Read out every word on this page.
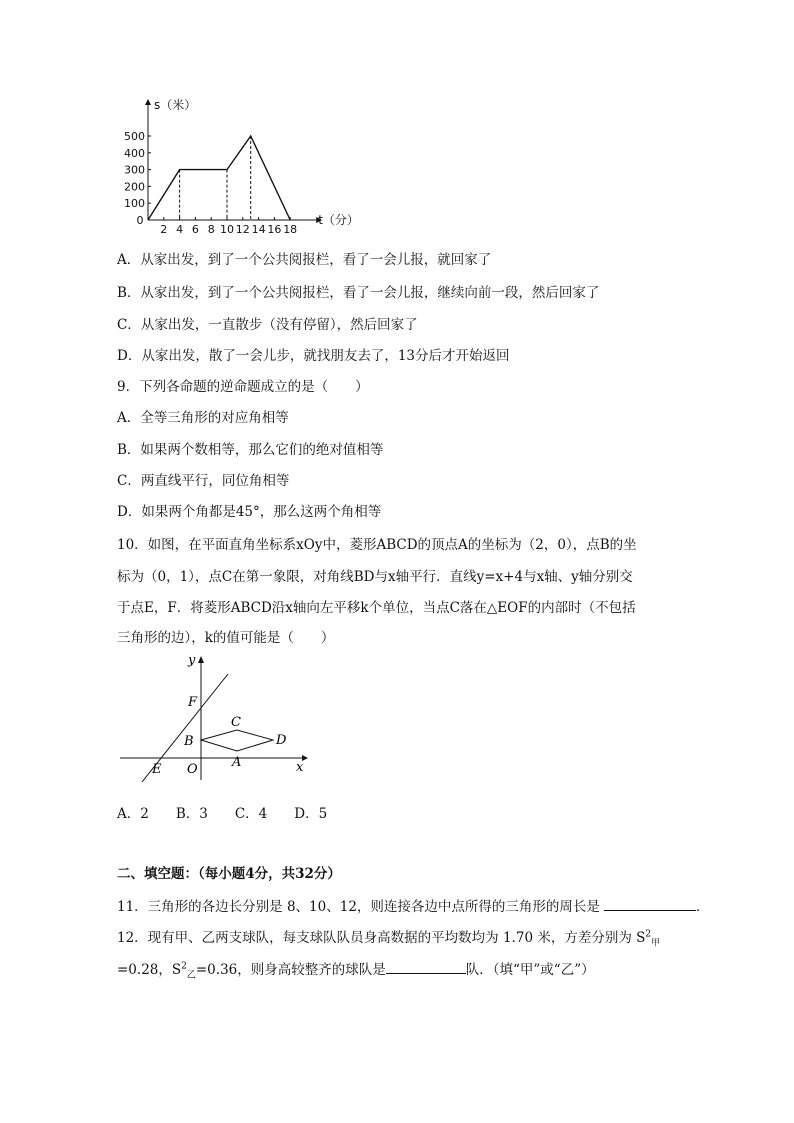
500
400
300
200
100
2 4 6 8 10 12 14 16 18
0
s（米）
t（分）
A．从家出发，到了一个公共阅报栏，看了一会儿报，就回家了
B．从家出发，到了一个公共阅报栏，看了一会儿报，继续向前一段，然后回家了
C．从家出发，一直散步（没有停留），然后回家了
D．从家出发，散了一会儿步，就找朋友去了，13分后才开始返回
9．下列各命题的逆命题成立的是（　　）
A．全等三角形的对应角相等
B．如果两个数相等，那么它们的绝对值相等
C．两直线平行，同位角相等
D．如果两个角都是45°，那么这两个角相等
10．如图，在平面直角坐标系xOy中，菱形ABCD的顶点A的坐标为（2，0），点B的坐
标为（0，1），点C在第一象限，对角线BD与x轴平行．直线y=x+4与x轴、y轴分别交
于点E，F．将菱形ABCD沿x轴向左平移k个单位，当点C落在△EOF的内部时（不包括
三角形的边），k的值可能是（　　）
y
x
F
C
B	D
E O	A
A．2　　B．3　　C．4　　D．5
二、填空题：（每小题4分，共32分）
11．三角形的各边长分别是 8、10、12，则连接各边中点所得的三角形的周长是	．
12．现有甲、乙两支球队，每支球队队员身高数据的平均数均为 1.70 米，方差分别为 $S^2_甲$
=0.28，$S^2_乙=0.36$，则身高较整齐的球队是	队．（填“甲”或“乙”）
